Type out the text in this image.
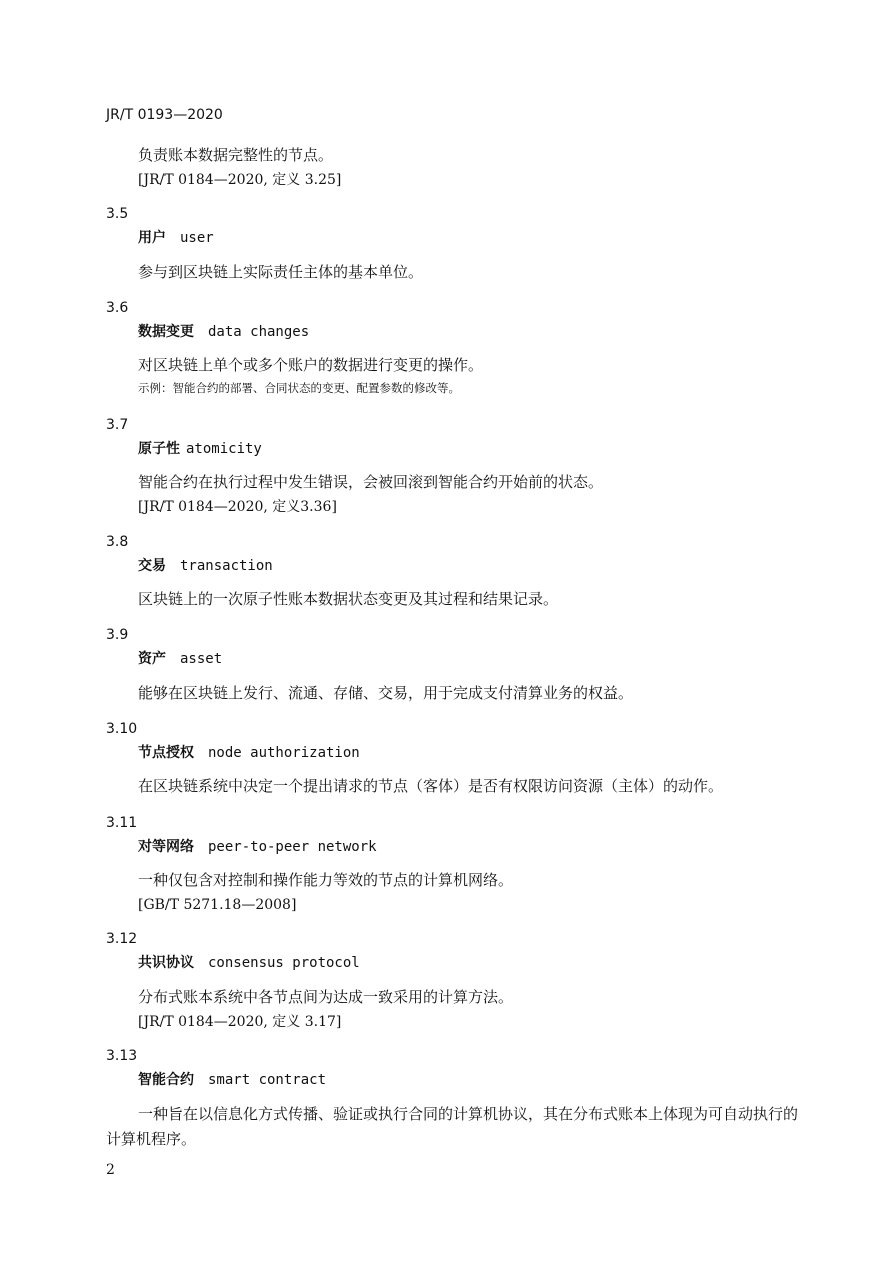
JR/T 0193—2020
负责账本数据完整性的节点。
[JR/T 0184—2020, 定义 3.25]
3.5
用户 user
参与到区块链上实际责任主体的基本单位。
3.6
数据变更 data changes
对区块链上单个或多个账户的数据进行变更的操作。
示例：智能合约的部署、合同状态的变更、配置参数的修改等。
3.7
原子性 atomicity
智能合约在执行过程中发生错误，会被回滚到智能合约开始前的状态。
[JR/T 0184—2020, 定义3.36]
3.8
交易 transaction
区块链上的一次原子性账本数据状态变更及其过程和结果记录。
3.9
资产 asset
能够在区块链上发行、流通、存储、交易，用于完成支付清算业务的权益。
3.10
节点授权 node authorization
在区块链系统中决定一个提出请求的节点（客体）是否有权限访问资源（主体）的动作。
3.11
对等网络 peer-to-peer network
一种仅包含对控制和操作能力等效的节点的计算机网络。
[GB/T 5271.18—2008]
3.12
共识协议 consensus protocol
分布式账本系统中各节点间为达成一致采用的计算方法。
[JR/T 0184—2020, 定义 3.17]
3.13
智能合约 smart contract
一种旨在以信息化方式传播、验证或执行合同的计算机协议，其在分布式账本上体现为可自动执行的计算机程序。
2
